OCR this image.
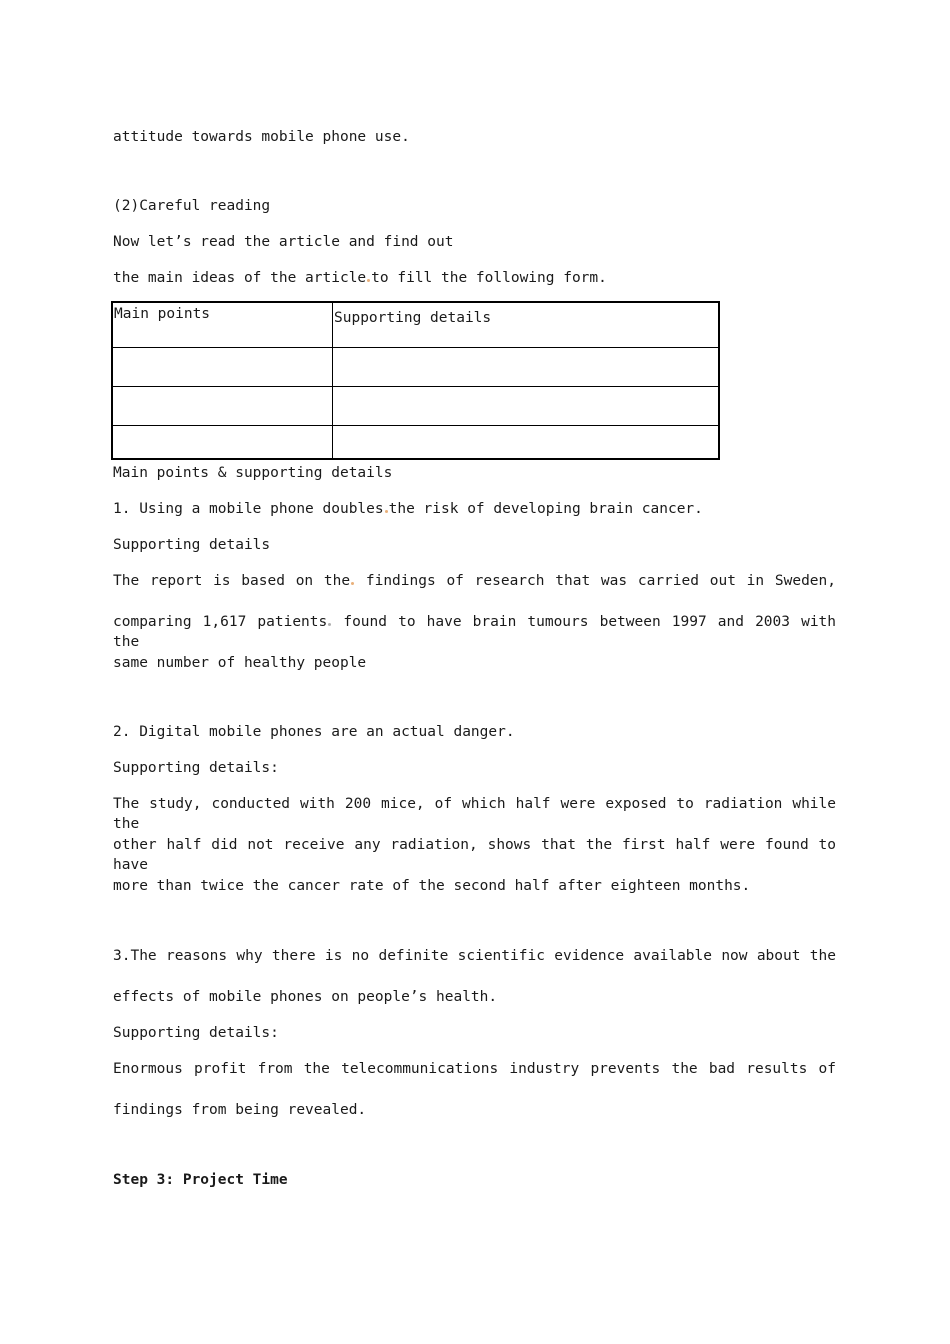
attitude towards mobile phone use.
(2)Careful reading
Now let’s read the article and find out
the main ideas of the article to fill the following form.
Main points	Supporting details

Main points & supporting details
1. Using a mobile phone doubles the risk of developing brain cancer.
Supporting details
The report is based on the findings of research that was carried out in Sweden,
comparing 1,617 patients found to have brain tumours between 1997 and 2003 with the
same number of healthy people
2. Digital mobile phones are an actual danger.
Supporting details:
The study, conducted with 200 mice, of which half were exposed to radiation while the
other half did not receive any radiation, shows that the first half were found to have
more than twice the cancer rate of the second half after eighteen months.
3.The reasons why there is no definite scientific evidence available now about the
effects of mobile phones on people’s health.
Supporting details:
Enormous profit from the telecommunications industry prevents the bad results of
findings from being revealed.
Step 3: Project Time
